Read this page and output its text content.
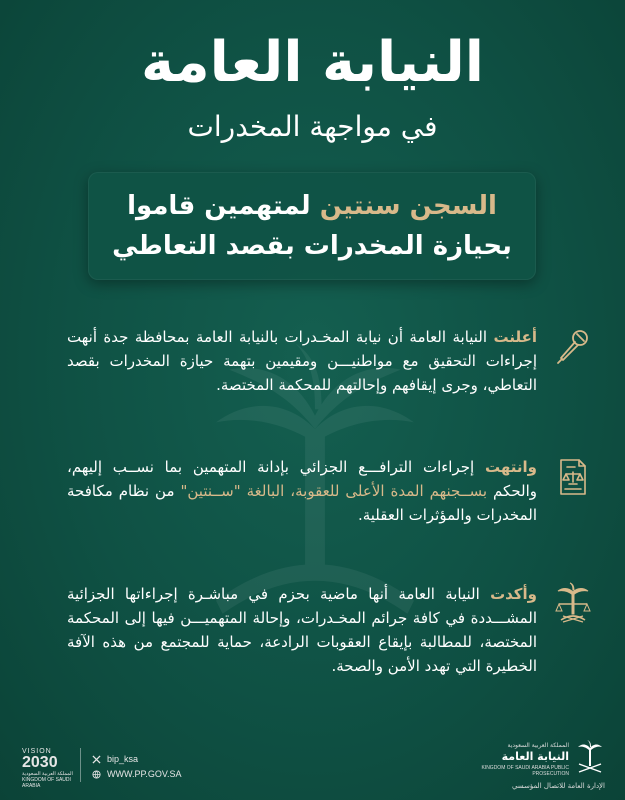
النيابة العامة
في مواجهة المخدرات
السجن سنتين لمتهمين قاموا
بحيازة المخدرات بقصد التعاطي
أعلنت النيابة العامة أن نيابة المخـدرات بالنيابة العامة بمحافظة جدة أنهت إجراءات التحقيق مع مواطنيـــن ومقيمين بتهمة حيازة المخدرات بقصد التعاطي، وجرى إيقافهم وإحالتهم للمحكمة المختصة.
وانتهت إجراءات الترافـــع الجزائي بإدانة المتهمين بما نســب إليهم، والحكم بســجنهم المدة الأعلى للعقوبة، البالغة "ســنتين" من نظام مكافحة المخدرات والمؤثرات العقلية.
وأكدت النيابة العامة أنها ماضية بحزم في مباشـرة إجراءاتها الجزائية المشـــددة في كافة جرائم المخـدرات، وإحالة المتهميـــن فيها إلى المحكمة المختصة، للمطالبة بإيقاع العقوبات الرادعة، حماية للمجتمع من هذه الآفة الخطيرة التي تهدد الأمن والصحة.
VISION
2030
المملكة العربية السعودية KINGDOM OF SAUDI ARABIA
bip_ksa
WWW.PP.GOV.SA
المملكة العربية السعودية
النيابة العامة
KINGDOM OF SAUDI ARABIA PUBLIC PROSECUTION
الإدارة العامة للاتصال المؤسسي
